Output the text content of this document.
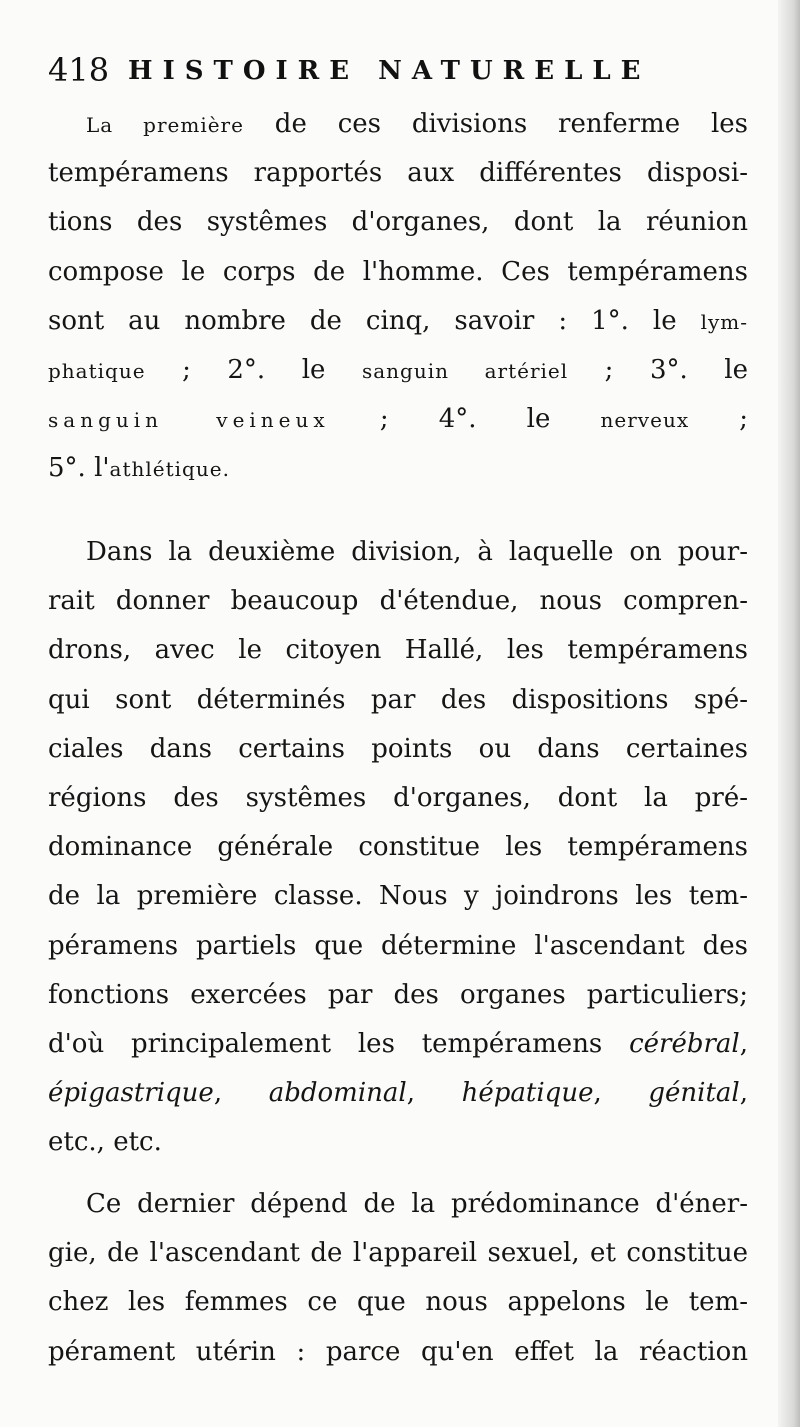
418 HISTOIRE NATURELLE
La première de ces divisions renferme les
tempéramens rapportés aux différentes disposi-
tions des systêmes d'organes, dont la réunion
compose le corps de l'homme. Ces tempéramens
sont au nombre de cinq, savoir : 1°. le lym-
phatique ; 2°. le sanguin artériel ; 3°. le
sanguin veineux ; 4°. le nerveux ;
5°. l'athlétique.
Dans la deuxième division, à laquelle on pour-
rait donner beaucoup d'étendue, nous compren-
drons, avec le citoyen Hallé, les tempéramens
qui sont déterminés par des dispositions spé-
ciales dans certains points ou dans certaines
régions des systêmes d'organes, dont la pré-
dominance générale constitue les tempéramens
de la première classe. Nous y joindrons les tem-
péramens partiels que détermine l'ascendant des
fonctions exercées par des organes particuliers;
d'où principalement les tempéramens cérébral,
épigastrique, abdominal, hépatique, génital,
etc., etc.
Ce dernier dépend de la prédominance d'éner-
gie, de l'ascendant de l'appareil sexuel, et constitue
chez les femmes ce que nous appelons le tem-
pérament utérin : parce qu'en effet la réaction
